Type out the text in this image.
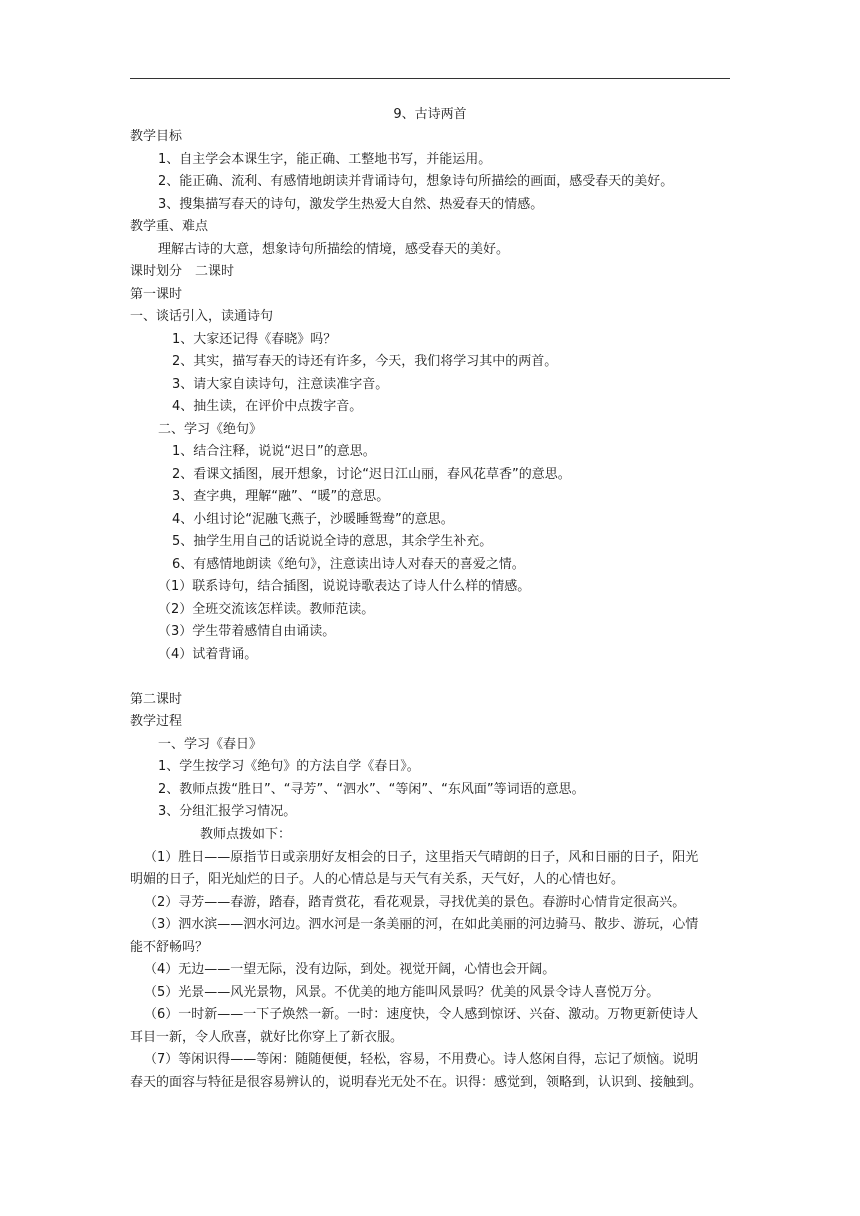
9、古诗两首
教学目标
1、自主学会本课生字，能正确、工整地书写，并能运用。
2、能正确、流利、有感情地朗读并背诵诗句，想象诗句所描绘的画面，感受春天的美好。
3、搜集描写春天的诗句，激发学生热爱大自然、热爱春天的情感。
教学重、难点
理解古诗的大意，想象诗句所描绘的情境，感受春天的美好。
课时划分　二课时
第一课时
一、谈话引入，读通诗句
1、大家还记得《春晓》吗？
2、其实，描写春天的诗还有许多，今天，我们将学习其中的两首。
3、请大家自读诗句，注意读准字音。
4、抽生读，在评价中点拨字音。
二、学习《绝句》
1、结合注释，说说“迟日”的意思。
2、看课文插图，展开想象，讨论“迟日江山丽，春风花草香”的意思。
3、查字典，理解“融”、“暖”的意思。
4、小组讨论“泥融飞燕子，沙暖睡鸳鸯”的意思。
5、抽学生用自己的话说说全诗的意思，其余学生补充。
6、有感情地朗读《绝句》，注意读出诗人对春天的喜爱之情。
（1）联系诗句，结合插图，说说诗歌表达了诗人什么样的情感。
（2）全班交流该怎样读。教师范读。
（3）学生带着感情自由诵读。
（4）试着背诵。
第二课时
教学过程
一、学习《春日》
1、学生按学习《绝句》的方法自学《春日》。
2、教师点拨“胜日”、“寻芳”、“泗水”、“等闲”、“东风面”等词语的意思。
3、分组汇报学习情况。
教师点拨如下：
（1）胜日——原指节日或亲朋好友相会的日子，这里指天气晴朗的日子，风和日丽的日子，阳光
明媚的日子，阳光灿烂的日子。人的心情总是与天气有关系，天气好，人的心情也好。
（2）寻芳——春游，踏春，踏青赏花，看花观景，寻找优美的景色。春游时心情肯定很高兴。
（3）泗水滨——泗水河边。泗水河是一条美丽的河，在如此美丽的河边骑马、散步、游玩，心情
能不舒畅吗？
（4）无边——一望无际，没有边际，到处。视觉开阔，心情也会开阔。
（5）光景——风光景物，风景。不优美的地方能叫风景吗？优美的风景令诗人喜悦万分。
（6）一时新——一下子焕然一新。一时：速度快，令人感到惊讶、兴奋、激动。万物更新使诗人
耳目一新，令人欣喜，就好比你穿上了新衣服。
（7）等闲识得——等闲：随随便便，轻松，容易，不用费心。诗人悠闲自得，忘记了烦恼。说明
春天的面容与特征是很容易辨认的，说明春光无处不在。识得：感觉到，领略到，认识到、接触到。
